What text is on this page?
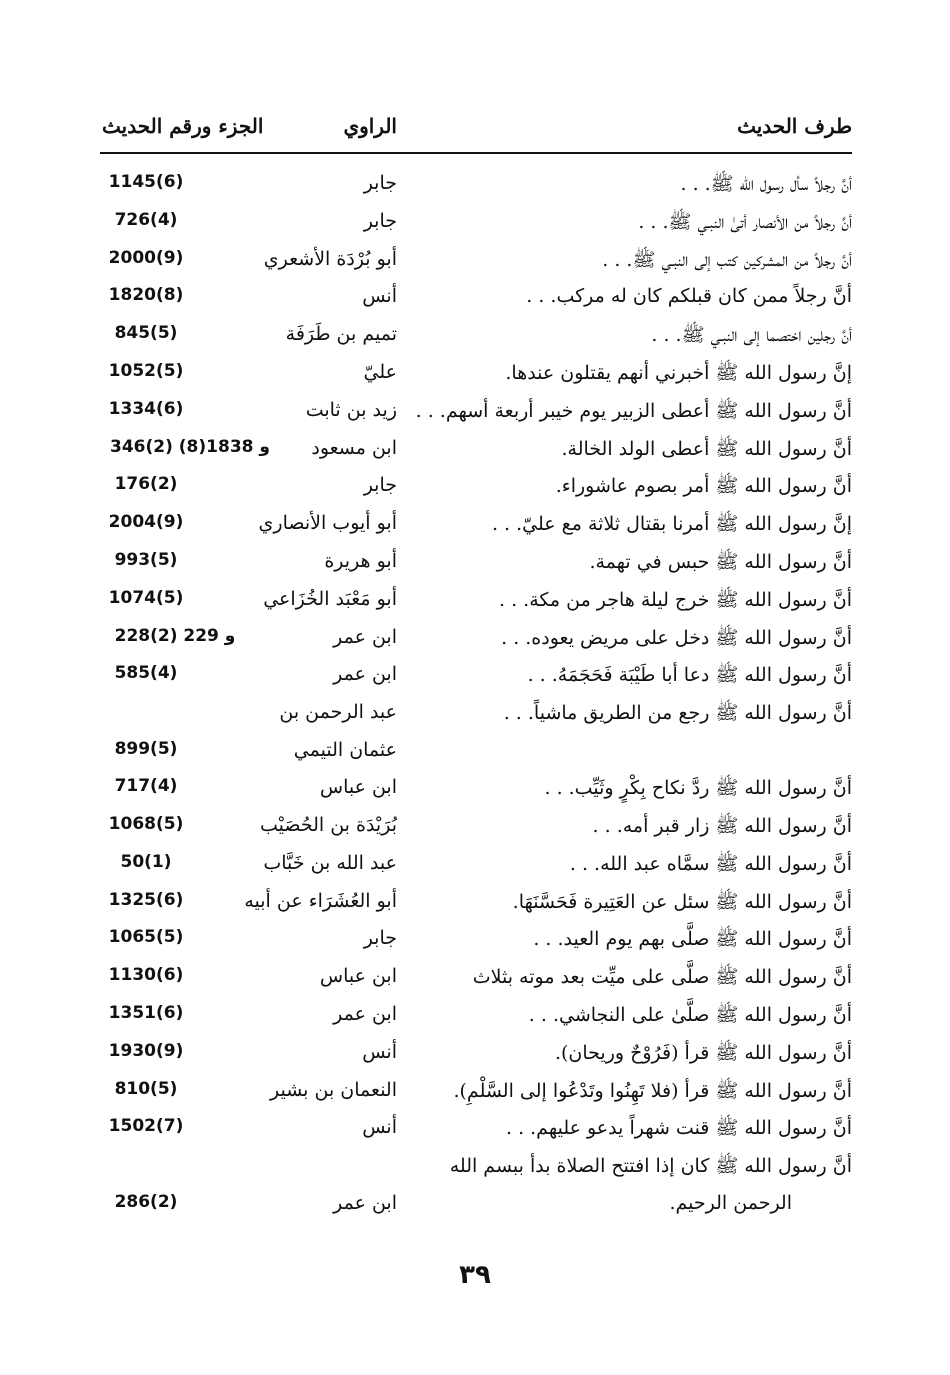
طرف الحديث
الراوي
الجزء ورقم الحديث
أنَّ رجلاً سأل رسول الله ﷺ. . .
جابر
1145(6)
أنَّ رجلاً من الأنصار أتىٰ النبـي ﷺ. . .
جابر
726(4)
أنَّ رجلاً من المشركين كتب إلى النبـي ﷺ. . .
أبو بُرْدَة الأشعري
2000(9)
أنَّ رجلاً ممن كان قبلكم كان له مركب. . .
أنس
1820(8)
أنَّ رجلين اختصما إلى النبـي ﷺ. . .
تميم بن طَرَفَة
845(5)
إنَّ رسول الله ﷺ أخبرني أنهم يقتلون عندها.
عليّ
1052(5)
أنَّ رسول الله ﷺ أعطى الزبير يوم خيبر أربعة أسهم. . .
زيد بن ثابت
1334(6)
أنَّ رسول الله ﷺ أعطى الولد الخالة.
ابن مسعود
346(2) و 1838(8)
أنَّ رسول الله ﷺ أمر بصوم عاشوراء.
جابر
176(2)
إنَّ رسول الله ﷺ أمرنا بقتال ثلاثة مع عليّ. . .
أبو أيوب الأنصاري
2004(9)
أنَّ رسول الله ﷺ حبس في تهمة.
أبو هريرة
993(5)
أنَّ رسول الله ﷺ خرج ليلة هاجر من مكة. . .
أبو مَعْبَد الخُزَاعي
1074(5)
أنَّ رسول الله ﷺ دخل على مريض يعوده. . .
ابن عمر
228(2) و 229
أنَّ رسول الله ﷺ دعا أبا طَيْبَة فَحَجَمَهُ. . .
ابن عمر
585(4)
أنَّ رسول الله ﷺ رجع من الطريق ماشياً. . .
عبد الرحمن بن
عثمان التيمي
899(5)
أنَّ رسول الله ﷺ ردَّ نكاح بِكْرٍ وثَيِّب. . .
ابن عباس
717(4)
أنَّ رسول الله ﷺ زار قبر أمه. . .
بُرَيْدَة بن الحُصَيْب
1068(5)
أنَّ رسول الله ﷺ سمَّاه عبد الله. . .
عبد الله بن خَبَّاب
50(1)
أنَّ رسول الله ﷺ سئل عن العَتِيرة فَحَسَّنَهَا.
أبو العُشَرَاء عن أبيه
1325(6)
أنَّ رسول الله ﷺ صلَّى بهم يوم العيد. . .
جابر
1065(5)
أنَّ رسول الله ﷺ صلَّى على ميِّت بعد موته بثلاث
ابن عباس
1130(6)
أنَّ رسول الله ﷺ صلَّىٰ على النجاشي. . .
ابن عمر
1351(6)
أنَّ رسول الله ﷺ قرأ (فَرُوْحٌ وريحان).
أنس
1930(9)
أنَّ رسول الله ﷺ قرأ (فلا تَهِنُوا وتَدْعُوا إلى السَّلْمِ).
النعمان بن بشير
810(5)
أنَّ رسول الله ﷺ قنت شهراً يدعو عليهم. . .
أنس
1502(7)
أنَّ رسول الله ﷺ كان إذا افتتح الصلاة بدأ ببسم الله
الرحمن الرحيم.
ابن عمر
286(2)
٣٩
